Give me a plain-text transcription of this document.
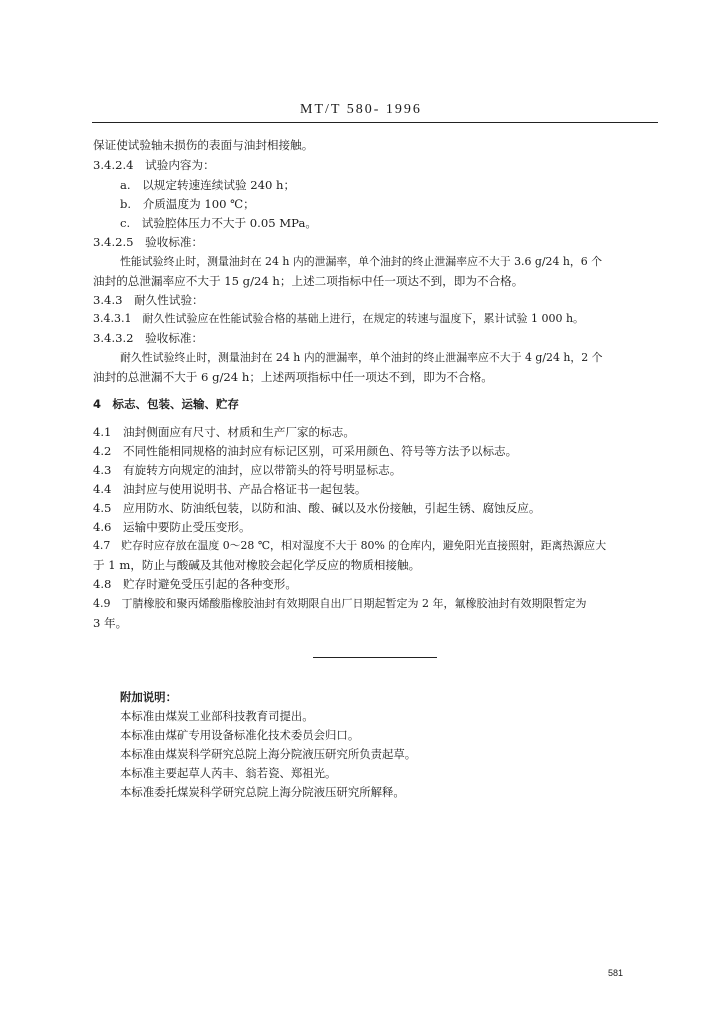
MT/T 580- 1996
保证使试验轴未损伤的表面与油封相接触。
3.4.2.4　试验内容为：
a.　以规定转速连续试验 240 h；
b.　介质温度为 100 ℃；
c.　试验腔体压力不大于 0.05 MPa。
3.4.2.5　验收标准：
性能试验终止时，测量油封在 24 h 内的泄漏率，单个油封的终止泄漏率应不大于 3.6 g/24 h，6 个
油封的总泄漏率应不大于 15 g/24 h；上述二项指标中任一项达不到，即为不合格。
3.4.3　耐久性试验：
3.4.3.1　耐久性试验应在性能试验合格的基础上进行，在规定的转速与温度下，累计试验 1 000 h。
3.4.3.2　验收标准：
耐久性试验终止时，测量油封在 24 h 内的泄漏率，单个油封的终止泄漏率应不大于 4 g/24 h，2 个
油封的总泄漏不大于 6 g/24 h；上述两项指标中任一项达不到，即为不合格。
4　标志、包装、运输、贮存
4.1　油封侧面应有尺寸、材质和生产厂家的标志。
4.2　不同性能相同规格的油封应有标记区别，可采用颜色、符号等方法予以标志。
4.3　有旋转方向规定的油封，应以带箭头的符号明显标志。
4.4　油封应与使用说明书、产品合格证书一起包装。
4.5　应用防水、防油纸包装，以防和油、酸、碱以及水份接触，引起生锈、腐蚀反应。
4.6　运输中要防止受压变形。
4.7　贮存时应存放在温度 0～28 ℃，相对湿度不大于 80% 的仓库内，避免阳光直接照射，距离热源应大
于 1 m，防止与酸碱及其他对橡胶会起化学反应的物质相接触。
4.8　贮存时避免受压引起的各种变形。
4.9　丁腈橡胶和聚丙烯酸脂橡胶油封有效期限自出厂日期起暂定为 2 年，氟橡胶油封有效期限暂定为
3 年。
附加说明：
本标准由煤炭工业部科技教育司提出。
本标准由煤矿专用设备标准化技术委员会归口。
本标准由煤炭科学研究总院上海分院液压研究所负责起草。
本标准主要起草人芮丰、翁若瓷、郑祖光。
本标准委托煤炭科学研究总院上海分院液压研究所解释。
581
